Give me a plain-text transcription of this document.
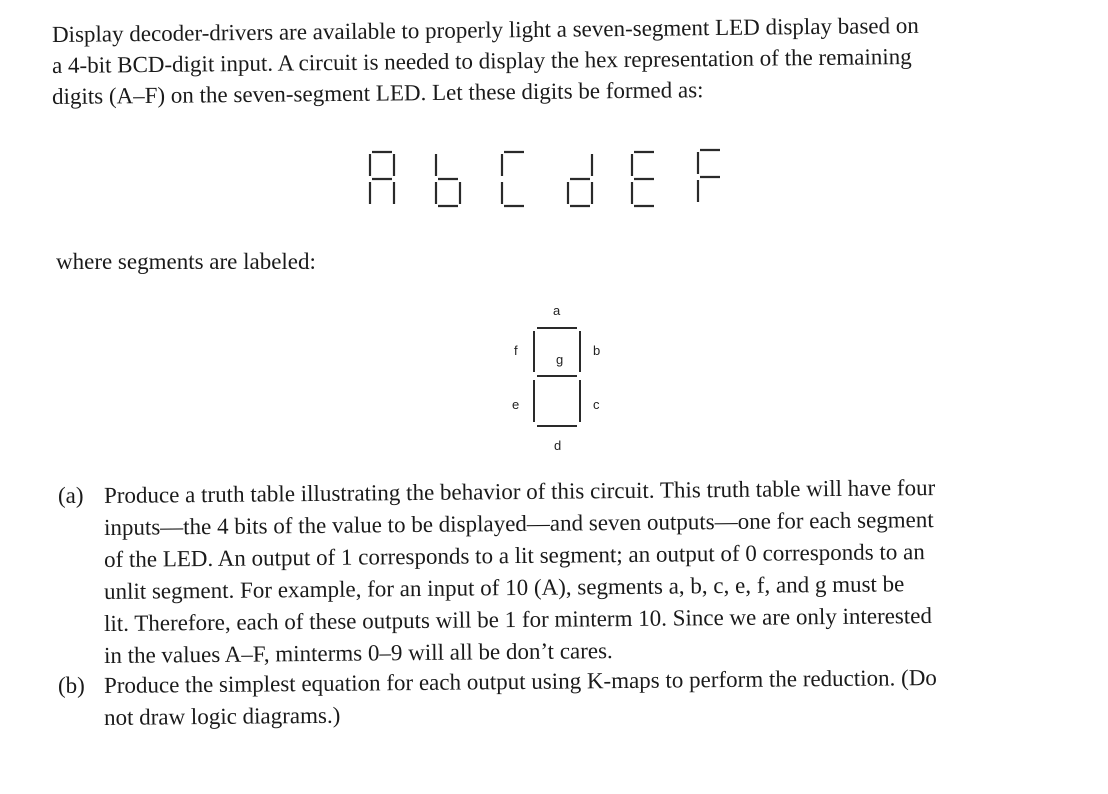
Display decoder-drivers are available to properly light a seven-segment LED display based on
a 4-bit BCD-digit input. A circuit is needed to display the hex representation of the remaining
digits (A–F) on the seven-segment LED. Let these digits be formed as:
where segments are labeled:
a
f	b
g
e	c
d
(a) Produce a truth table illustrating the behavior of this circuit. This truth table will have four
inputs—the 4 bits of the value to be displayed—and seven outputs—one for each segment
of the LED. An output of 1 corresponds to a lit segment; an output of 0 corresponds to an
unlit segment. For example, for an input of 10 (A), segments a, b, c, e, f, and g must be
lit. Therefore, each of these outputs will be 1 for minterm 10. Since we are only interested
in the values A–F, minterms 0–9 will all be don’t cares.
(b) Produce the simplest equation for each output using K-maps to perform the reduction. (Do
not draw logic diagrams.)
